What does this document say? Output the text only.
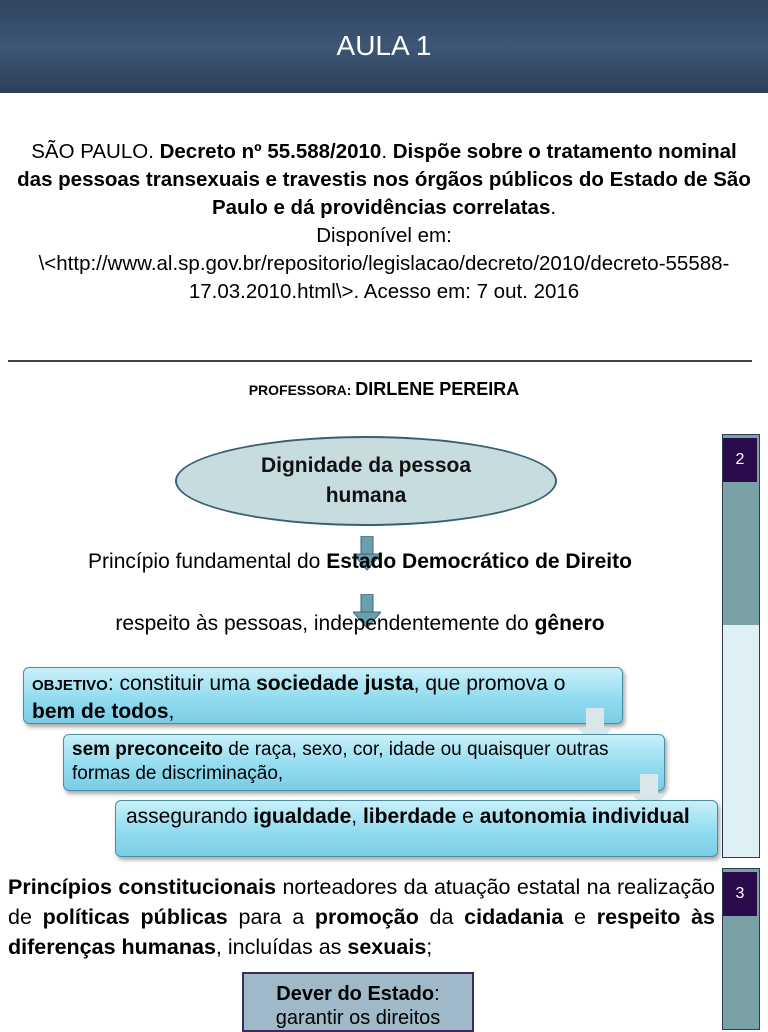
AULA 1
SÃO PAULO. Decreto nº 55.588/2010. Dispõe sobre o tratamento nominal das pessoas transexuais e travestis nos órgãos públicos do Estado de São Paulo e dá providências correlatas.
Disponível em:
\<http://www.al.sp.gov.br/repositorio/legislacao/decreto/2010/decreto-55588-17.03.2010.html\>. Acesso em: 7 out. 2016
PROFESSORA: DIRLENE PEREIRA
2
Dignidade da pessoa humana
Princípio fundamental do Estado Democrático de Direito
respeito às pessoas, independentemente do gênero
OBJETIVO: constituir uma sociedade justa, que promova o bem de todos,
sem preconceito de raça, sexo, cor, idade ou quaisquer outras formas de discriminação,
assegurando igualdade, liberdade e autonomia individual
3
Princípios constitucionais norteadores da atuação estatal na realização de políticas públicas para a promoção da cidadania e respeito às diferenças humanas, incluídas as sexuais;
Dever do Estado:
garantir os direitos
